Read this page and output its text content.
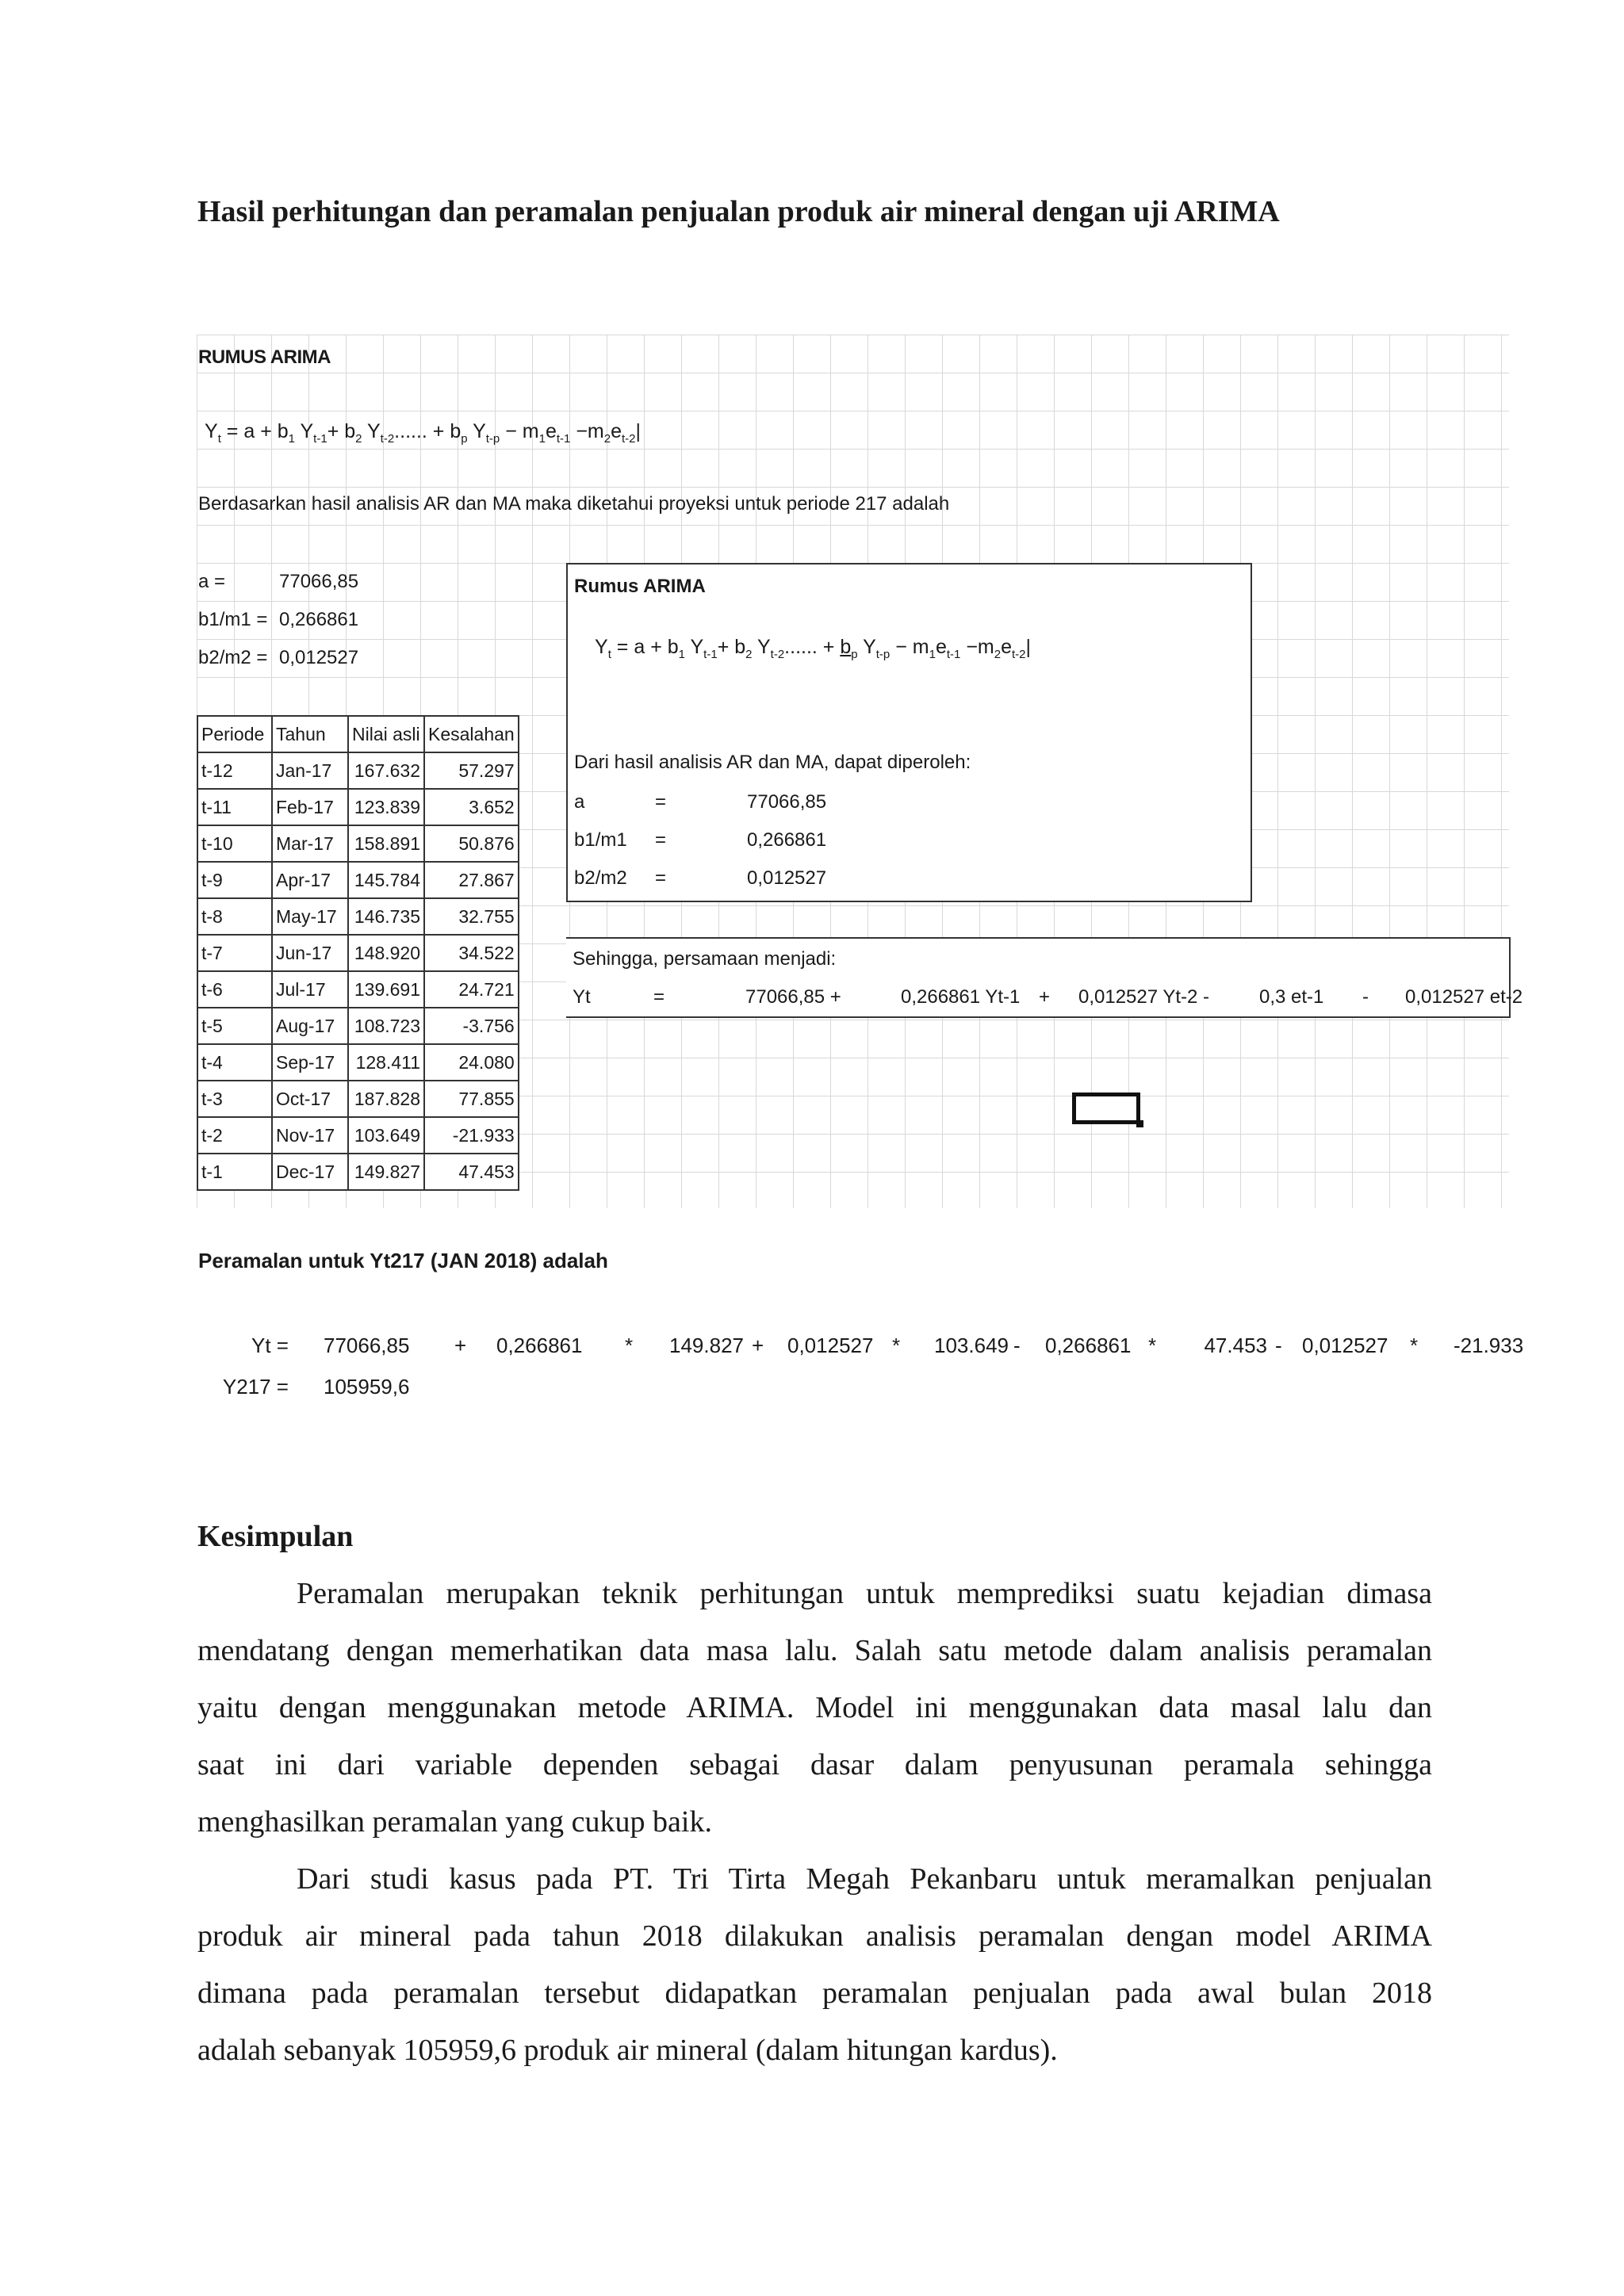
Hasil perhitungan dan peramalan penjualan produk air mineral dengan uji ARIMA
RUMUS ARIMA
$Y_t = a + b_1$ $Y_{t-1}+ b_2$ $Y_{t-2}$...... + $b_p$ $Y_{t-p} - m_1e_{t-1} -m_2e_{t-2}|$
Berdasarkan hasil analisis AR dan MA maka diketahui proyeksi untuk periode 217 adalah
a =	77066,85
b1/m1 = 0,266861
b2/m2 = 0,012527
Periode	Tahun	Nilai asli	Kesalahan
t-12	Jan-17	167.632	57.297
t-11	Feb-17	123.839	3.652
t-10	Mar-17	158.891	50.876
t-9	Apr-17	145.784	27.867
t-8	May-17	146.735	32.755
t-7	Jun-17	148.920	34.522
t-6	Jul-17	139.691	24.721
t-5	Aug-17	108.723	-3.756
t-4	Sep-17	128.411	24.080
t-3	Oct-17	187.828	77.855
t-2	Nov-17	103.649	-21.933
t-1	Dec-17	149.827	47.453
Rumus ARIMA
$Y_t = a + b_1$ $Y_{t-1}+ b_2$ $Y_{t-2}$...... + $b_p$ $Y_{t-p} - m_1e_{t-1} -m_2e_{t-2}|$
Dari hasil analisis AR dan MA, dapat diperoleh:
a	=	77066,85
b1/m1 =	0,266861
b2/m2 =	0,012527
Sehingga, persamaan menjadi:
Yt	=	77066,85 +	0,266861 Yt-1 + 0,012527 Yt-2 -	0,3 et-1 - 0,012527 et-2
Peramalan untuk Yt217 (JAN 2018) adalah
Yt = 77066,85 + 0,266861 *	149.827 + 0,012527 * 103.649 - 0,266861 * 47.453 - 0,012527 * -21.933
Y217 = 105959,6
Kesimpulan
Peramalan merupakan teknik perhitungan untuk memprediksi suatu kejadian dimasa
mendatang dengan memerhatikan data masa lalu. Salah satu metode dalam analisis peramalan
yaitu dengan menggunakan metode ARIMA. Model ini menggunakan data masal lalu dan
saat ini dari variable dependen sebagai dasar dalam penyusunan peramala sehingga
menghasilkan peramalan yang cukup baik.
Dari studi kasus pada PT. Tri Tirta Megah Pekanbaru untuk meramalkan penjualan
produk air mineral pada tahun 2018 dilakukan analisis peramalan dengan model ARIMA
dimana pada peramalan tersebut didapatkan peramalan penjualan pada awal bulan 2018
adalah sebanyak 105959,6 produk air mineral (dalam hitungan kardus).
